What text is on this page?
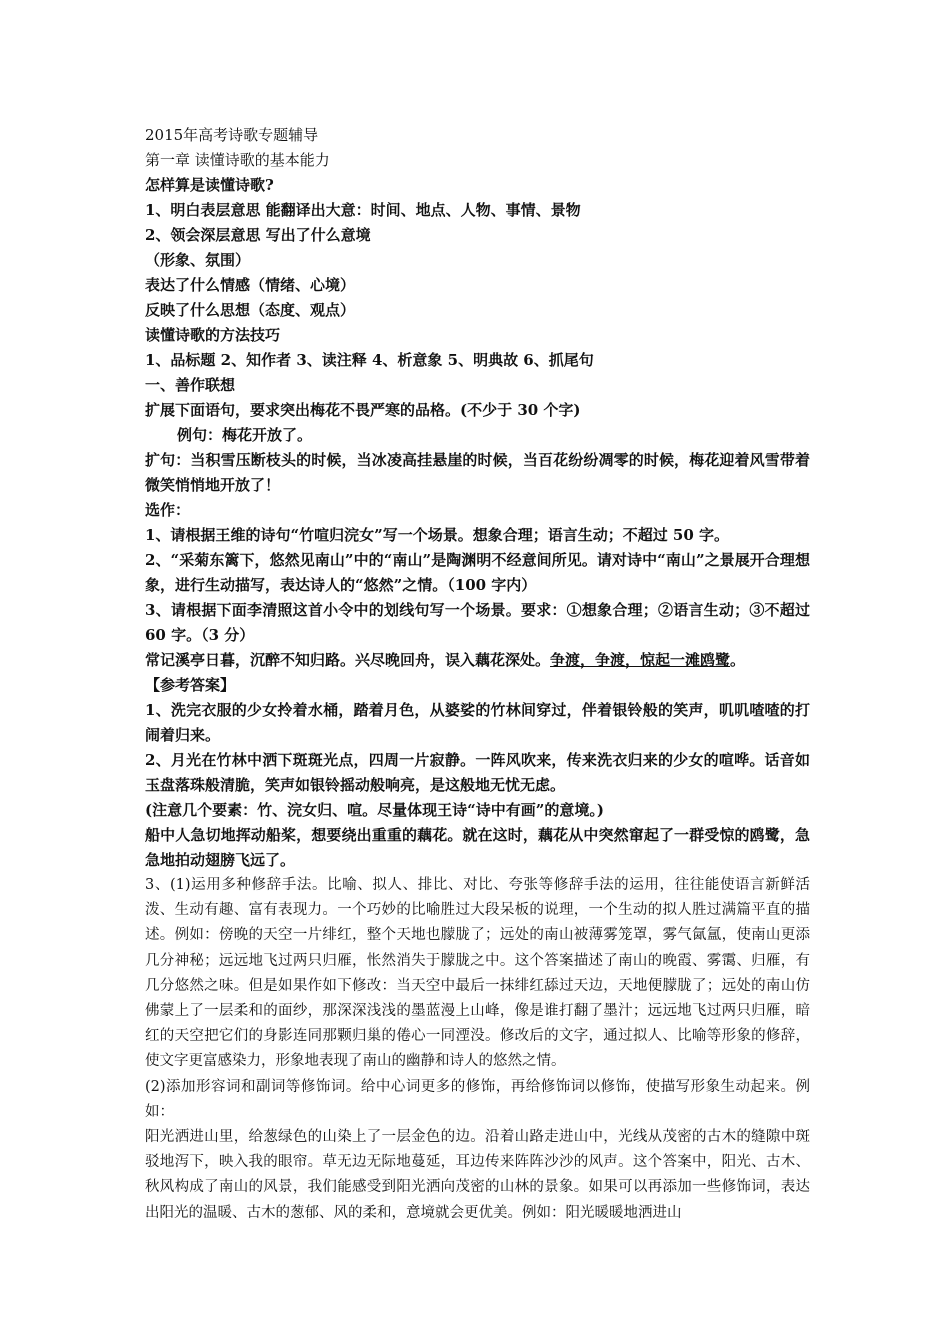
2015年高考诗歌专题辅导
第一章 读懂诗歌的基本能力
怎样算是读懂诗歌?
1、明白表层意思 能翻译出大意：时间、地点、人物、事情、景物
2、领会深层意思 写出了什么意境
（形象、氛围）
表达了什么情感（情绪、心境）
反映了什么思想（态度、观点）
读懂诗歌的方法技巧
1、品标题 2、知作者 3、读注释 4、析意象 5、明典故 6、抓尾句
一、善作联想
扩展下面语句，要求突出梅花不畏严寒的品格。(不少于 30 个字)
例句：梅花开放了。
扩句：当积雪压断枝头的时候，当冰凌高挂悬崖的时候，当百花纷纷凋零的时候，梅花迎着风雪带着微笑悄悄地开放了！
选作：
1、请根据王维的诗句“竹喧归浣女”写一个场景。想象合理；语言生动；不超过 50 字。
2、“采菊东篱下，悠然见南山”中的“南山”是陶渊明不经意间所见。请对诗中“南山”之景展开合理想象，进行生动描写，表达诗人的“悠然”之情。（100 字内）
3、请根据下面李清照这首小令中的划线句写一个场景。要求：①想象合理；②语言生动；③不超过 60 字。（3 分）
常记溪亭日暮，沉醉不知归路。兴尽晚回舟，误入藕花深处。争渡，争渡，惊起一滩鸥鹭。
【参考答案】
1、洗完衣服的少女拎着水桶，踏着月色，从婆娑的竹林间穿过，伴着银铃般的笑声，叽叽喳喳的打闹着归来。
2、月光在竹林中洒下斑斑光点，四周一片寂静。一阵风吹来，传来洗衣归来的少女的喧哗。话音如玉盘落珠般清脆，笑声如银铃摇动般响亮，是这般地无忧无虑。
(注意几个要素：竹、浣女归、喧。尽量体现王诗“诗中有画”的意境。)
船中人急切地挥动船桨，想要绕出重重的藕花。就在这时，藕花从中突然窜起了一群受惊的鸥鹭，急急地拍动翅膀飞远了。
3、(1)运用多种修辞手法。比喻、拟人、排比、对比、夸张等修辞手法的运用，往往能使语言新鲜活泼、生动有趣、富有表现力。一个巧妙的比喻胜过大段呆板的说理，一个生动的拟人胜过满篇平直的描述。例如：傍晚的天空一片绯红，整个天地也朦胧了；远处的南山被薄雾笼罩，雾气氤氲，使南山更添几分神秘；远远地飞过两只归雁，怅然消失于朦胧之中。这个答案描述了南山的晚霞、雾霭、归雁，有几分悠然之味。但是如果作如下修改：当天空中最后一抹绯红舔过天边，天地便朦胧了；远处的南山仿佛蒙上了一层柔和的面纱，那深深浅浅的墨蓝漫上山峰，像是谁打翻了墨汁；远远地飞过两只归雁，暗红的天空把它们的身影连同那颗归巢的倦心一同湮没。修改后的文字，通过拟人、比喻等形象的修辞，使文字更富感染力，形象地表现了南山的幽静和诗人的悠然之情。
(2)添加形容词和副词等修饰词。给中心词更多的修饰，再给修饰词以修饰，使描写形象生动起来。例如：
阳光洒进山里，给葱绿色的山染上了一层金色的边。沿着山路走进山中，光线从茂密的古木的缝隙中斑驳地泻下，映入我的眼帘。草无边无际地蔓延，耳边传来阵阵沙沙的风声。这个答案中，阳光、古木、秋风构成了南山的风景，我们能感受到阳光洒向茂密的山林的景象。如果可以再添加一些修饰词，表达出阳光的温暖、古木的葱郁、风的柔和，意境就会更优美。例如：阳光暖暖地洒进山
